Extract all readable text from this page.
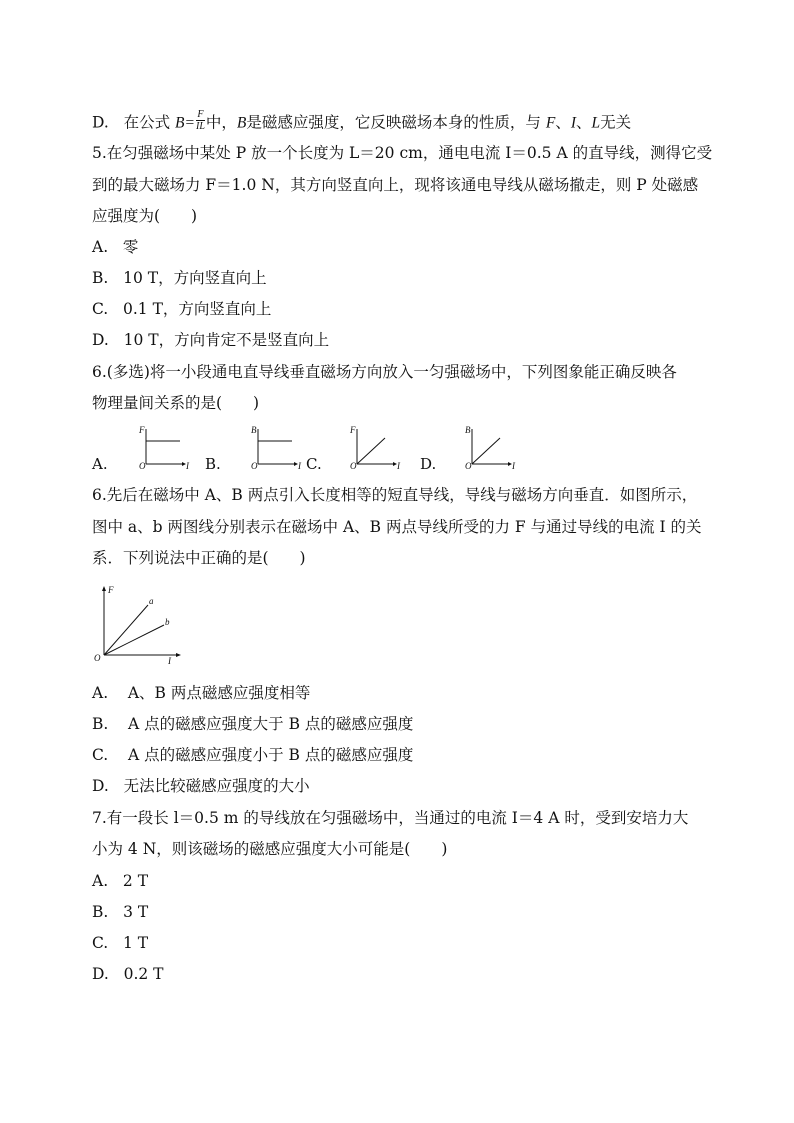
D. 在公式 $B= \frac{F}{IL}$ 中，B是磁感应强度，它反映磁场本身的性质，与 F、I、L无关
5.在匀强磁场中某处 P 放一个长度为 L＝20 cm，通电电流 I＝0.5 A 的直导线，测得它受
到的最大磁场力 F＝1.0 N，其方向竖直向上，现将该通电导线从磁场撤走，则 P 处磁感
应强度为(　　)
A. 零
B. 10 T，方向竖直向上
C. 0.1 T，方向竖直向上
D. 10 T，方向肯定不是竖直向上
6.(多选)将一小段通电直导线垂直磁场方向放入一匀强磁场中，下列图象能正确反映各
物理量间关系的是(　　)
A.
F
O	I B.
B
O	I C.
F
O	I D.
B
O	I
6.先后在磁场中 A、B 两点引入长度相等的短直导线，导线与磁场方向垂直．如图所示，
图中 a、b 两图线分别表示在磁场中 A、B 两点导线所受的力 F 与通过导线的电流 I 的关
系．下列说法中正确的是(　　)
F
O	I
a
b
A. A、B 两点磁感应强度相等
B. A 点的磁感应强度大于 B 点的磁感应强度
C. A 点的磁感应强度小于 B 点的磁感应强度
D. 无法比较磁感应强度的大小
7.有一段长 l＝0.5 m 的导线放在匀强磁场中，当通过的电流 I＝4 A 时，受到安培力大
小为 4 N，则该磁场的磁感应强度大小可能是(　　)
A. 2 T
B. 3 T
C. 1 T
D. 0.2 T
